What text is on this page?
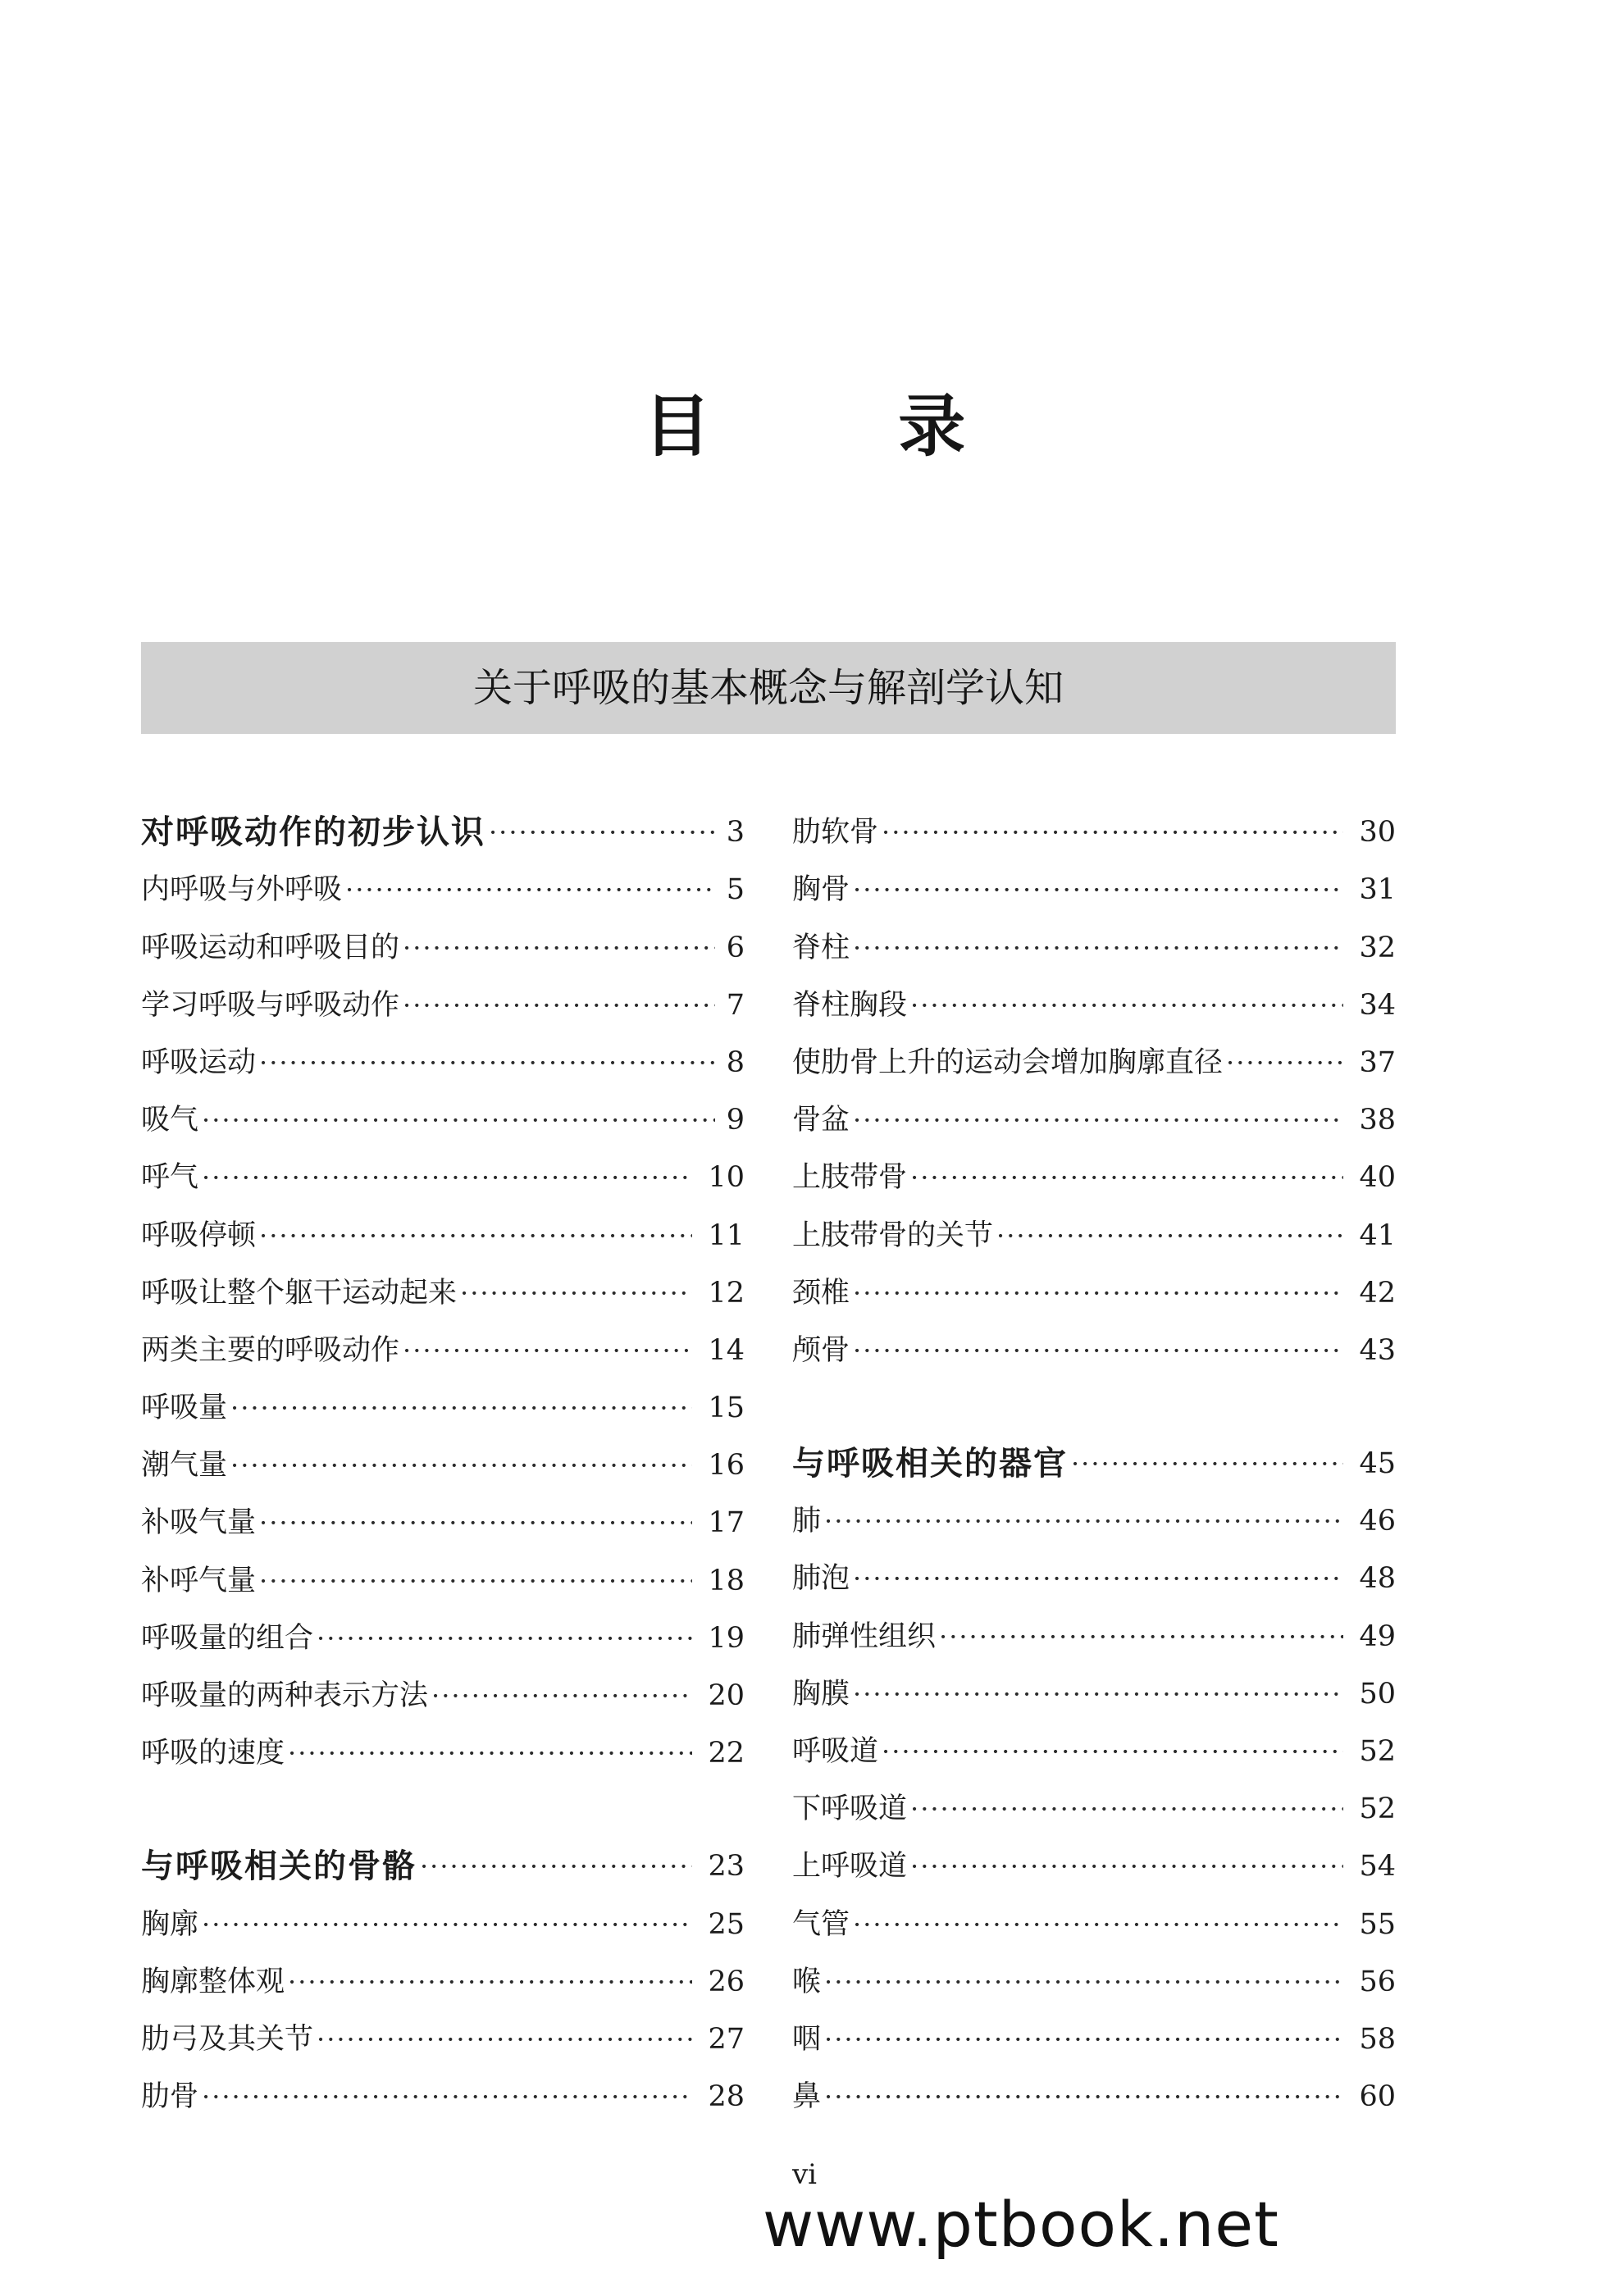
目 录
关于呼吸的基本概念与解剖学认知
对呼吸动作的初步认识 ·····	3
内呼吸与外呼吸 ·····	5
呼吸运动和呼吸目的 ·····	6
学习呼吸与呼吸动作 ·····	7
呼吸运动 ·····	8
吸气 ·····	9
呼气 ·····	10
呼吸停顿 ·····	11
呼吸让整个躯干运动起来 ·····	12
两类主要的呼吸动作 ·····	14
呼吸量 ·····	15
潮气量 ·····	16
补吸气量 ·····	17
补呼气量 ·····	18
呼吸量的组合 ·····	19
呼吸量的两种表示方法 ·····	20
呼吸的速度 ·····	22
与呼吸相关的骨骼 ·····	23
胸廓 ·····	25
胸廓整体观 ·····	26
肋弓及其关节 ·····	27
肋骨 ·····	28
肋软骨 ·····	30
胸骨 ·····	31
脊柱 ·····	32
脊柱胸段 ·····	34
使肋骨上升的运动会增加胸廓直径 ·····	37
骨盆 ·····	38
上肢带骨 ·····	40
上肢带骨的关节 ·····	41
颈椎 ·····	42
颅骨 ·····	43
与呼吸相关的器官 ·····	45
肺 ·····	46
肺泡 ·····	48
肺弹性组织 ·····	49
胸膜 ·····	50
呼吸道 ·····	52
下呼吸道 ·····	52
上呼吸道 ·····	54
气管 ·····	55
喉 ·····	56
咽 ·····	58
鼻 ·····	60
vi
www.ptbook.net
